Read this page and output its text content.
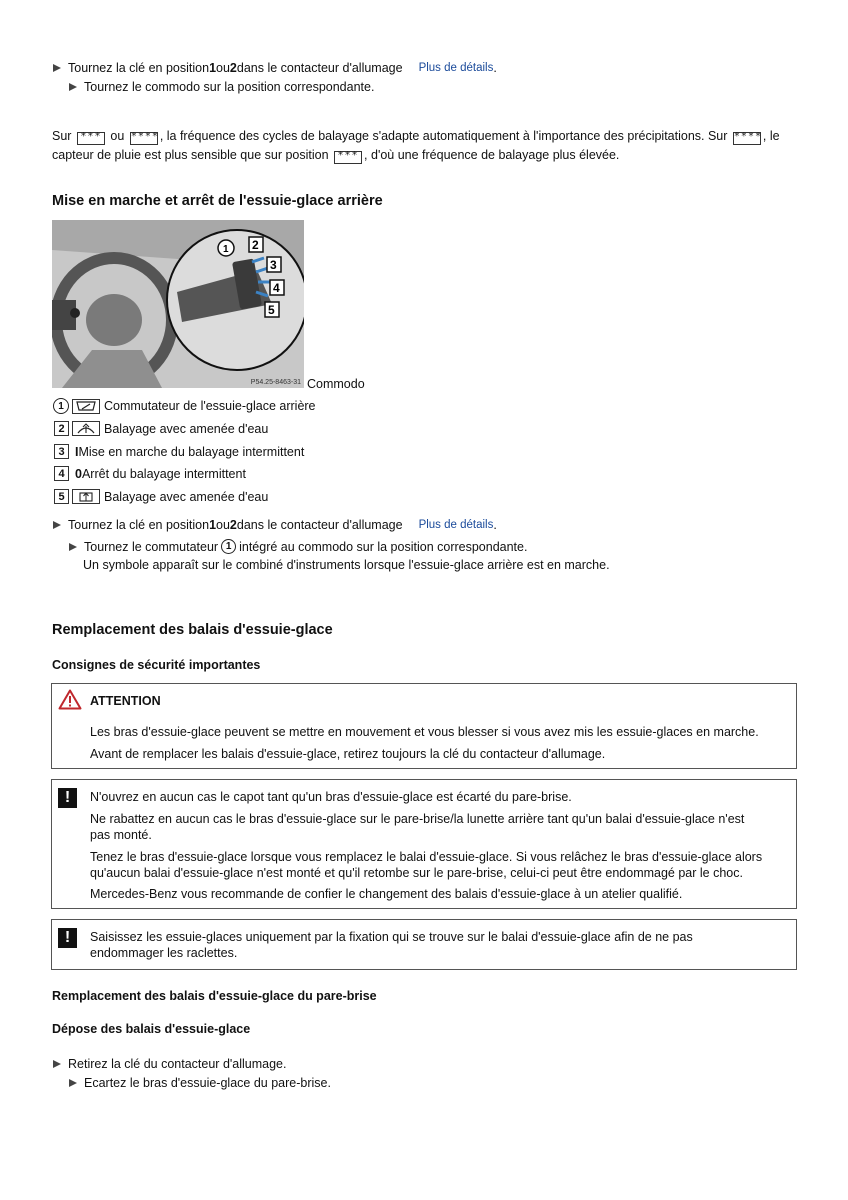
Tournez la clé en position 1 ou 2 dans le contacteur d'allumage Plus de détails .
Tournez le commodo sur la position correspondante.
Sur *** ou ****, la fréquence des cycles de balayage s'adapte automatiquement à l'importance des précipitations. Sur ****, le
capteur de pluie est plus sensible que sur position *** , d'où une fréquence de balayage plus élevée.
Mise en marche et arrêt de l'essuie-glace arrière
1 2
3
4
5
P54.25-8463-31 Commodo
1	Commutateur de l'essuie-glace arrière
2	Balayage avec amenée d'eau
3 I Mise en marche du balayage intermittent
4 0 Arrêt du balayage intermittent
5	Balayage avec amenée d'eau
Tournez la clé en position 1 ou 2 dans le contacteur d'allumage Plus de détails .
Tournez le commutateur 1 intégré au commodo sur la position correspondante.
Un symbole apparaît sur le combiné d'instruments lorsque l'essuie-glace arrière est en marche.
Remplacement des balais d'essuie-glace
Consignes de sécurité importantes
ATTENTION

Les bras d'essuie-glace peuvent se mettre en mouvement et vous blesser si vous avez mis les essuie-glaces en marche.

Avant de remplacer les balais d'essuie-glace, retirez toujours la clé du contacteur d'allumage.

!	N'ouvrez en aucun cas le capot tant qu'un bras d'essuie-glace est écarté du pare-brise.

Ne rabattez en aucun cas le bras d'essuie-glace sur le pare-brise/la lunette arrière tant qu'un balai d'essuie-glace n'est
pas monté.

Tenez le bras d'essuie-glace lorsque vous remplacez le balai d'essuie-glace. Si vous relâchez le bras d'essuie-glace alors
qu'aucun balai d'essuie-glace n'est monté et qu'il retombe sur le pare-brise, celui-ci peut être endommagé par le choc.

Mercedes-Benz vous recommande de confier le changement des balais d'essuie-glace à un atelier qualifié.

!	Saisissez les essuie-glaces uniquement par la fixation qui se trouve sur le balai d'essuie-glace afin de ne pas
endommager les raclettes.

Remplacement des balais d'essuie-glace du pare-brise
Dépose des balais d'essuie-glace
Retirez la clé du contacteur d'allumage.
Ecartez le bras d'essuie-glace du pare-brise.
